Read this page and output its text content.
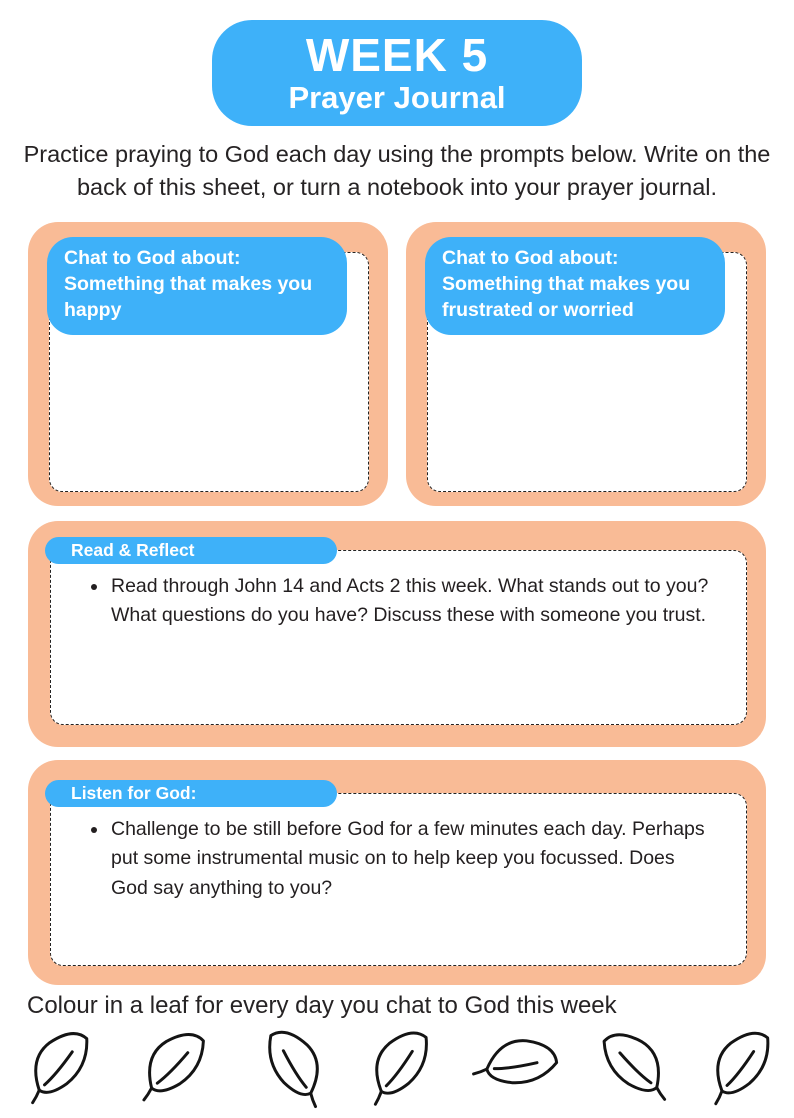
WEEK 5
Prayer Journal

Practice praying to God each day using the prompts below. Write on the back of this sheet, or turn a notebook into your prayer journal.

Chat to God about:
Something that makes you happy
Chat to God about:
Something that makes you frustrated or worried
Read & Reflect
• Read through John 14 and Acts 2 this week. What stands out to you? What questions do you have? Discuss these with someone you trust.
Listen for God:
• Challenge to be still before God for a few minutes each day. Perhaps put some instrumental music on to help keep you focussed. Does God say anything to you?

Colour in a leaf for every day you chat to God this week
